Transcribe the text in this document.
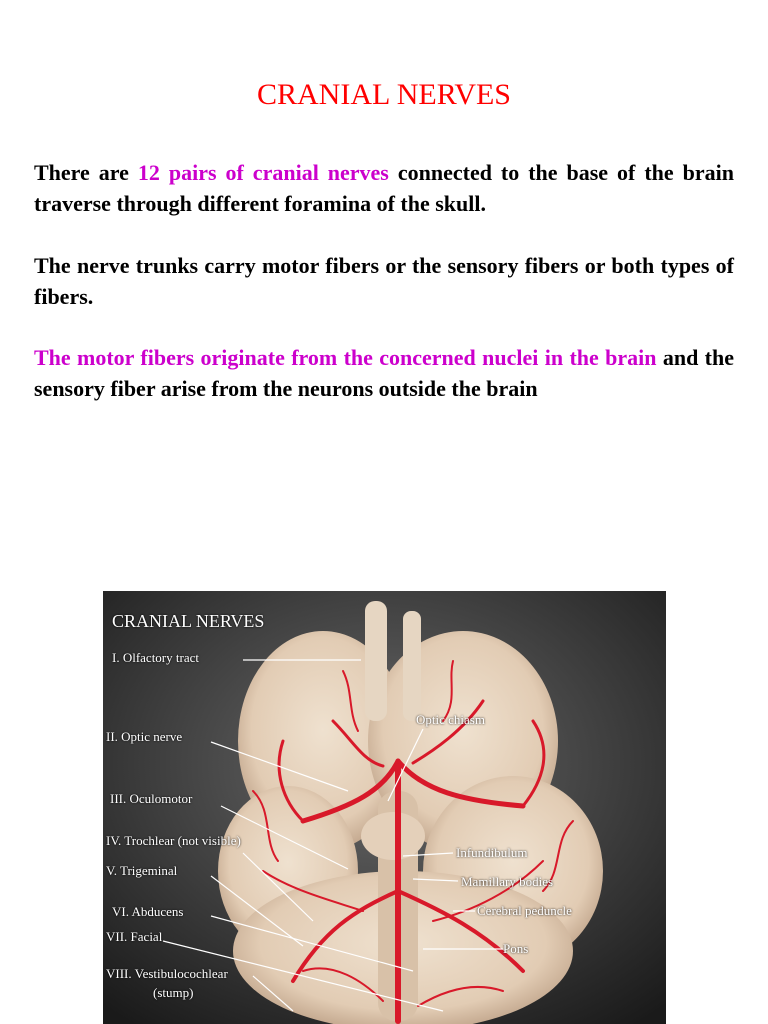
CRANIAL NERVES

There are 12 pairs of cranial nerves connected to the base of the brain traverse through different foramina of the skull.

The nerve trunks carry motor fibers or the sensory fibers or both types of fibers.

The motor fibers originate from the concerned nuclei in the brain and the sensory fiber arise from the neurons outside the brain

CRANIAL NERVES
I. Olfactory tract
II. Optic nerve
III. Oculomotor
IV. Trochlear (not visible)
V. Trigeminal
VI. Abducens
VII. Facial
VIII. Vestibulocochlear
(stump)
Optic chiasm
Infundibulum
Mamillary bodies
Cerebral peduncle
Pons
